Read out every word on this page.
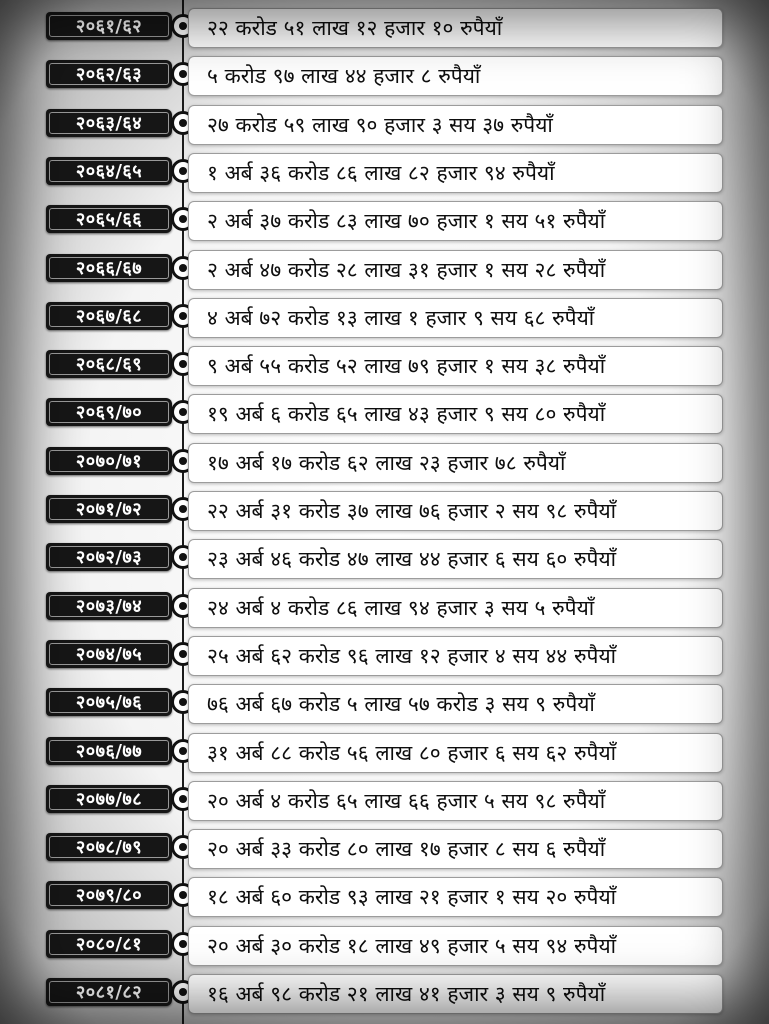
२०६१/६२	२२ करोड ५१ लाख १२ हजार १० रुपैयाँ
२०६२/६३	५ करोड ९७ लाख ४४ हजार ८ रुपैयाँ
२०६३/६४	२७ करोड ५९ लाख ९० हजार ३ सय ३७ रुपैयाँ
२०६४/६५	१ अर्ब ३६ करोड ८६ लाख ८२ हजार ९४ रुपैयाँ
२०६५/६६	२ अर्ब ३७ करोड ८३ लाख ७० हजार १ सय ५१ रुपैयाँ
२०६६/६७	२ अर्ब ४७ करोड २८ लाख ३१ हजार १ सय २८ रुपैयाँ
२०६७/६८	४ अर्ब ७२ करोड १३ लाख १ हजार ९ सय ६८ रुपैयाँ
२०६८/६९	९ अर्ब ५५ करोड ५२ लाख ७९ हजार १ सय ३८ रुपैयाँ
२०६९/७०	१९ अर्ब ६ करोड ६५ लाख ४३ हजार ९ सय ८० रुपैयाँ
२०७०/७१	१७ अर्ब १७ करोड ६२ लाख २३ हजार ७८ रुपैयाँ
२०७१/७२	२२ अर्ब ३१ करोड ३७ लाख ७६ हजार २ सय ९८ रुपैयाँ
२०७२/७३	२३ अर्ब ४६ करोड ४७ लाख ४४ हजार ६ सय ६० रुपैयाँ
२०७३/७४	२४ अर्ब ४ करोड ८६ लाख ९४ हजार ३ सय ५ रुपैयाँ
२०७४/७५	२५ अर्ब ६२ करोड ९६ लाख १२ हजार ४ सय ४४ रुपैयाँ
२०७५/७६	७६ अर्ब ६७ करोड ५ लाख ५७ करोड ३ सय ९ रुपैयाँ
२०७६/७७	३१ अर्ब ८८ करोड ५६ लाख ८० हजार ६ सय ६२ रुपैयाँ
२०७७/७८	२० अर्ब ४ करोड ६५ लाख ६६ हजार ५ सय ९८ रुपैयाँ
२०७८/७९	२० अर्ब ३३ करोड ८० लाख १७ हजार ८ सय ६ रुपैयाँ
२०७९/८०	१८ अर्ब ६० करोड ९३ लाख २१ हजार १ सय २० रुपैयाँ
२०८०/८१	२० अर्ब ३० करोड १८ लाख ४९ हजार ५ सय ९४ रुपैयाँ
२०८१/८२	१६ अर्ब ९८ करोड २१ लाख ४१ हजार ३ सय ९ रुपैयाँ
